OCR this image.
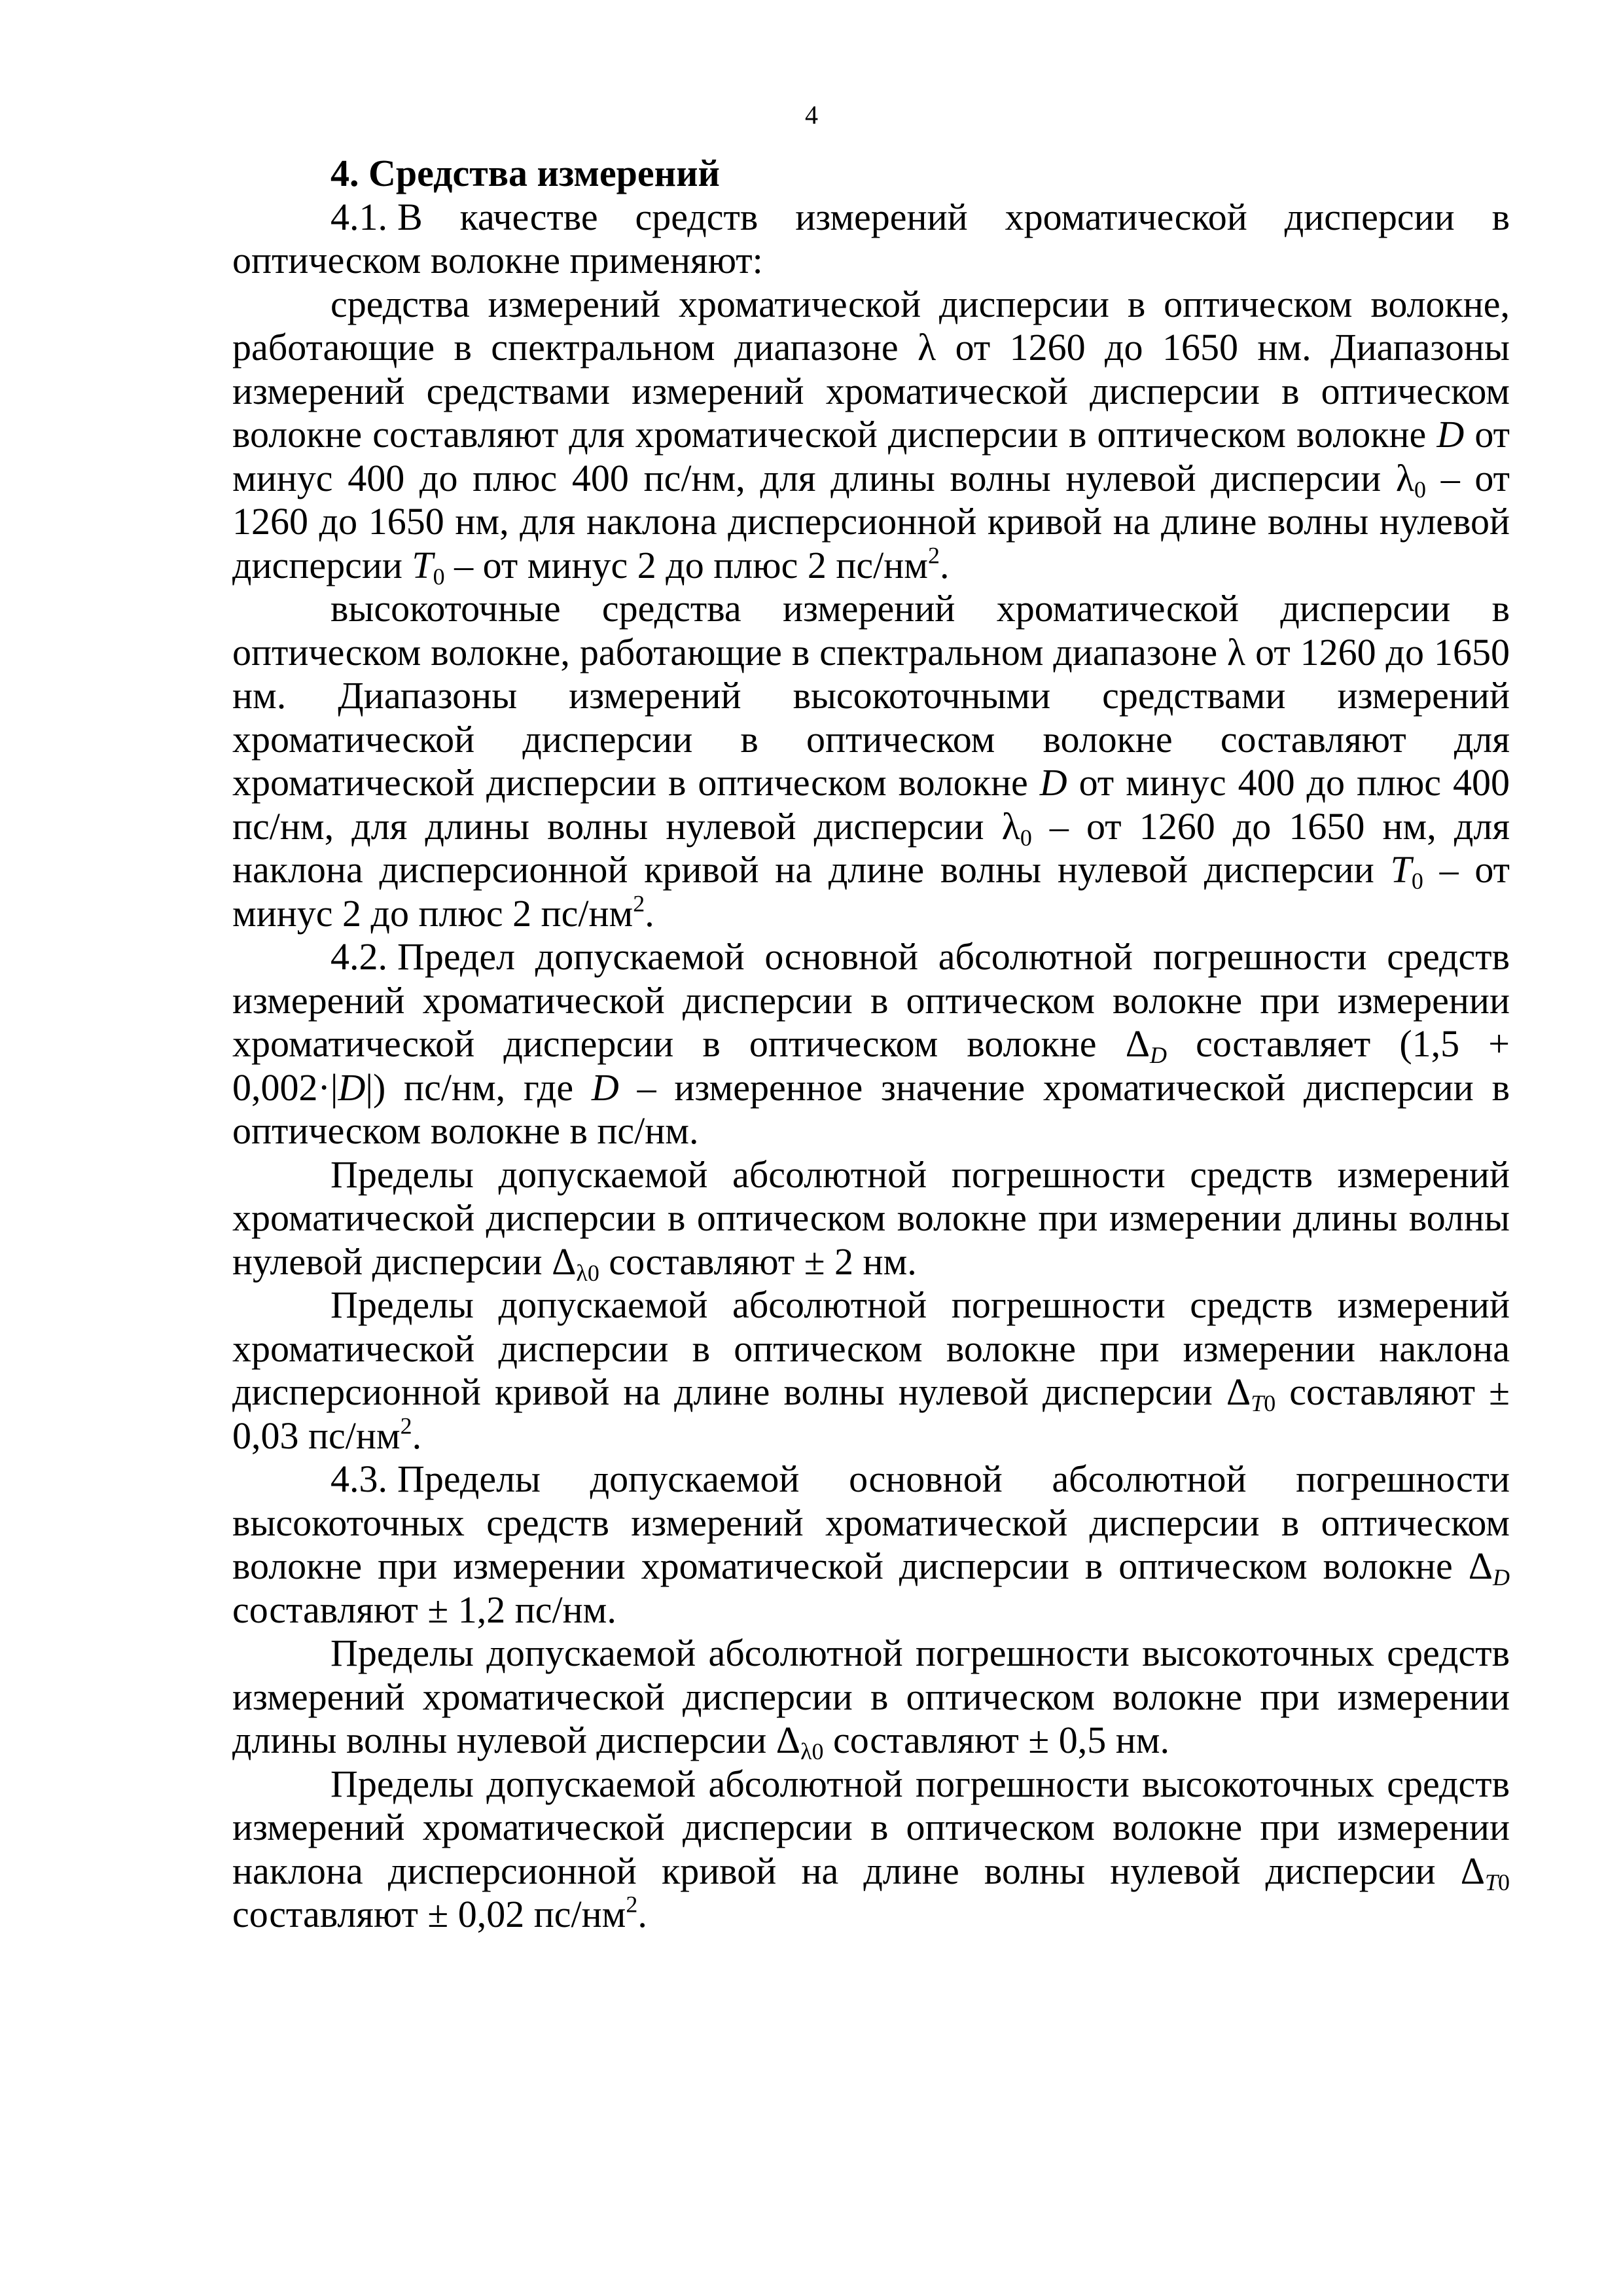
4
4. Средства измерений

4.1. В качестве средств измерений хроматической дисперсии в оптическом волокне применяют:

средства измерений хроматической дисперсии в оптическом волокне, работающие в спектральном диапазоне λ от 1260 до 1650 нм. Диапазоны измерений средствами измерений хроматической дисперсии в оптическом волокне составляют для хроматической дисперсии в оптическом волокне D от минус 400 до плюс 400 пс/нм, для длины волны нулевой дисперсии $\lambda_0$ – от 1260 до 1650 нм, для наклона дисперсионной кривой на длине волны нулевой дисперсии $T_0$ – от минус 2 до плюс 2 $пс/нм^2$.

высокоточные средства измерений хроматической дисперсии в оптическом волокне, работающие в спектральном диапазоне λ от 1260 до 1650 нм. Диапазоны измерений высокоточными средствами измерений хроматической дисперсии в оптическом волокне составляют для хроматической дисперсии в оптическом волокне D от минус 400 до плюс 400 пс/нм, для длины волны нулевой дисперсии $\lambda_0$ – от 1260 до 1650 нм, для наклона дисперсионной кривой на длине волны нулевой дисперсии $T_0$ – от минус 2 до плюс 2 $пс/нм^2$.

4.2. Предел допускаемой основной абсолютной погрешности средств измерений хроматической дисперсии в оптическом волокне при измерении хроматической дисперсии в оптическом волокне $\Delta_D$ составляет (1,5 + 0,002·|D|) пс/нм, где D – измеренное значение хроматической дисперсии в оптическом волокне в пс/нм.

Пределы допускаемой абсолютной погрешности средств измерений хроматической дисперсии в оптическом волокне при измерении длины волны нулевой дисперсии $\Delta_{\lambda 0}$ составляют ± 2 нм.

Пределы допускаемой абсолютной погрешности средств измерений хроматической дисперсии в оптическом волокне при измерении наклона дисперсионной кривой на длине волны нулевой дисперсии $\Delta_{T0}$ составляют ± 0,03 $пс/нм^2$.

4.3. Пределы допускаемой основной абсолютной погрешности высокоточных средств измерений хроматической дисперсии в оптическом волокне при измерении хроматической дисперсии в оптическом волокне $\Delta_D$ составляют ± 1,2 пс/нм.

Пределы допускаемой абсолютной погрешности высокоточных средств измерений хроматической дисперсии в оптическом волокне при измерении длины волны нулевой дисперсии $\Delta_{\lambda 0}$ составляют ± 0,5 нм.

Пределы допускаемой абсолютной погрешности высокоточных средств измерений хроматической дисперсии в оптическом волокне при измерении наклона дисперсионной кривой на длине волны нулевой дисперсии $\Delta_{T0}$ составляют ± 0,02 $пс/нм^2$.
